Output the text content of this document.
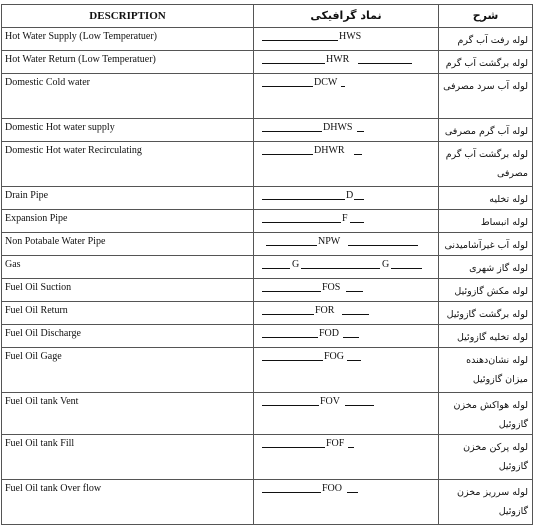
DESCRIPTION	نماد گرافیکی	شرح
Hot Water Supply (Low Temperatuer)	HWS	لوله رفت آب گرم
Hot Water Return (Low Temperatuer)	HWR	لوله برگشت آب گرم
Domestic Cold water	DCW	لوله آب سرد مصرفی
Domestic Hot water supply	DHWS	لوله آب گرم مصرفی
Domestic Hot water Recirculating	DHWR	لوله برگشت آب گرم مصرفی
Drain Pipe	D	لوله تخلیه
Expansion Pipe	F	لوله انبساط
Non Potabale Water Pipe	NPW	لوله آب غیرآشامیدنی
Gas	G G	لوله گاز شهری
Fuel Oil Suction	FOS	لوله مکش گازوئیل
Fuel Oil Return	FOR	لوله برگشت گازوئیل
Fuel Oil Discharge	FOD	لوله تخلیه گازوئیل
Fuel Oil Gage	FOG	لوله نشان‌دهنده میزان گازوئیل
Fuel Oil tank Vent	FOV	لوله هواکش مخزن گازوئیل
Fuel Oil tank Fill	FOF	لوله پرکن مخزن گازوئیل
Fuel Oil tank Over flow	FOO	لوله سرریز مخزن گازوئیل
